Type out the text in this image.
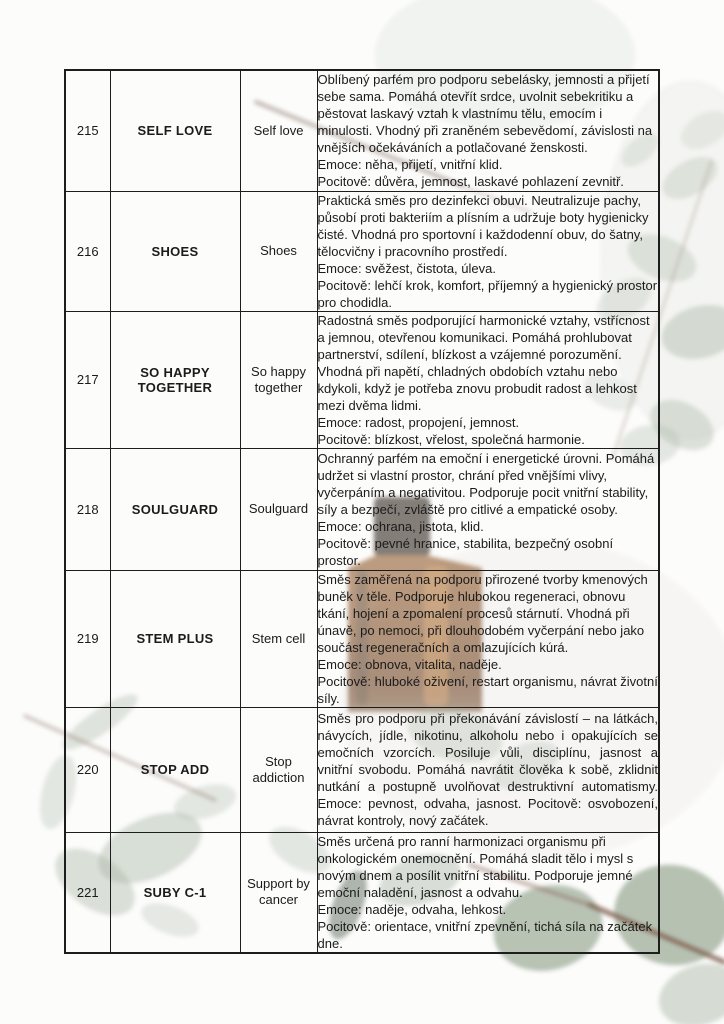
215	SELF LOVE	Self love	Oblíbený parfém pro podporu sebelásky, jemnosti a přijetí sebe sama. Pomáhá otevřít srdce, uvolnit sebekritiku a pěstovat laskavý vztah k vlastnímu tělu, emocím i minulosti. Vhodný při zraněném sebevědomí, závislosti na vnějších očekáváních a potlačované ženskosti.

Emoce: něha, přijetí, vnitřní klid.

Pocitově: důvěra, jemnost, laskavé pohlazení zevnitř.

216	SHOES	Shoes	Praktická směs pro dezinfekci obuvi. Neutralizuje pachy,

působí proti bakteriím a plísním a udržuje boty hygienicky čisté. Vhodná pro sportovní i každodenní obuv, do šatny, tělocvičny i pracovního prostředí.

Emoce: svěžest, čistota, úleva.

Pocitově: lehčí krok, komfort, příjemný a hygienický prostor pro chodidla.

217	SO HAPPY TOGETHER	So happy together	Radostná směs podporující harmonické vztahy, vstřícnost a jemnou, otevřenou komunikaci. Pomáhá prohlubovat partnerství, sdílení, blízkost a vzájemné porozumění. Vhodná při napětí, chladných obdobích vztahu nebo kdykoli, když je potřeba znovu probudit radost a lehkost mezi dvěma lidmi.

Emoce: radost, propojení, jemnost.

Pocitově: blízkost, vřelost, společná harmonie.

218	SOULGUARD	Soulguard	Ochranný parfém na emoční i energetické úrovni. Pomáhá udržet si vlastní prostor, chrání před vnějšími vlivy, vyčerpáním a negativitou. Podporuje pocit vnitřní stability, síly a bezpečí, zvláště pro citlivé a empatické osoby.

Emoce: ochrana, jistota, klid.

Pocitově: pevné hranice, stabilita, bezpečný osobní prostor.

219	STEM PLUS	Stem cell	Směs zaměřená na podporu přirozené tvorby kmenových buněk v těle. Podporuje hlubokou regeneraci, obnovu tkání, hojení a zpomalení procesů stárnutí. Vhodná při únavě, po nemoci, při dlouhodobém vyčerpání nebo jako součást regeneračních a omlazujících kúrá.

Emoce: obnova, vitalita, naděje.

Pocitově: hluboké oživení, restart organismu, návrat životní síly.

220	STOP ADD	Stop addiction	Směs pro podporu při překonávání závislostí – na látkách, návycích, jídle, nikotinu, alkoholu nebo i opakujících se emočních vzorcích. Posiluje vůli, disciplínu, jasnost a vnitřní svobodu. Pomáhá navrátit člověka k sobě, zklidnit nutkání a postupně uvolňovat destruktivní automatismy. Emoce: pevnost, odvaha, jasnost. Pocitově: osvobození, návrat kontroly, nový začátek.

221	SUBY C-1	Support by cancer	Směs určená pro ranní harmonizaci organismu při onkologickém onemocnění. Pomáhá sladit tělo i mysl s novým dnem a posílit vnitřní stabilitu. Podporuje jemné emoční naladění, jasnost a odvahu.

Emoce: naděje, odvaha, lehkost.

Pocitově: orientace, vnitřní zpevnění, tichá síla na začátek dne.
